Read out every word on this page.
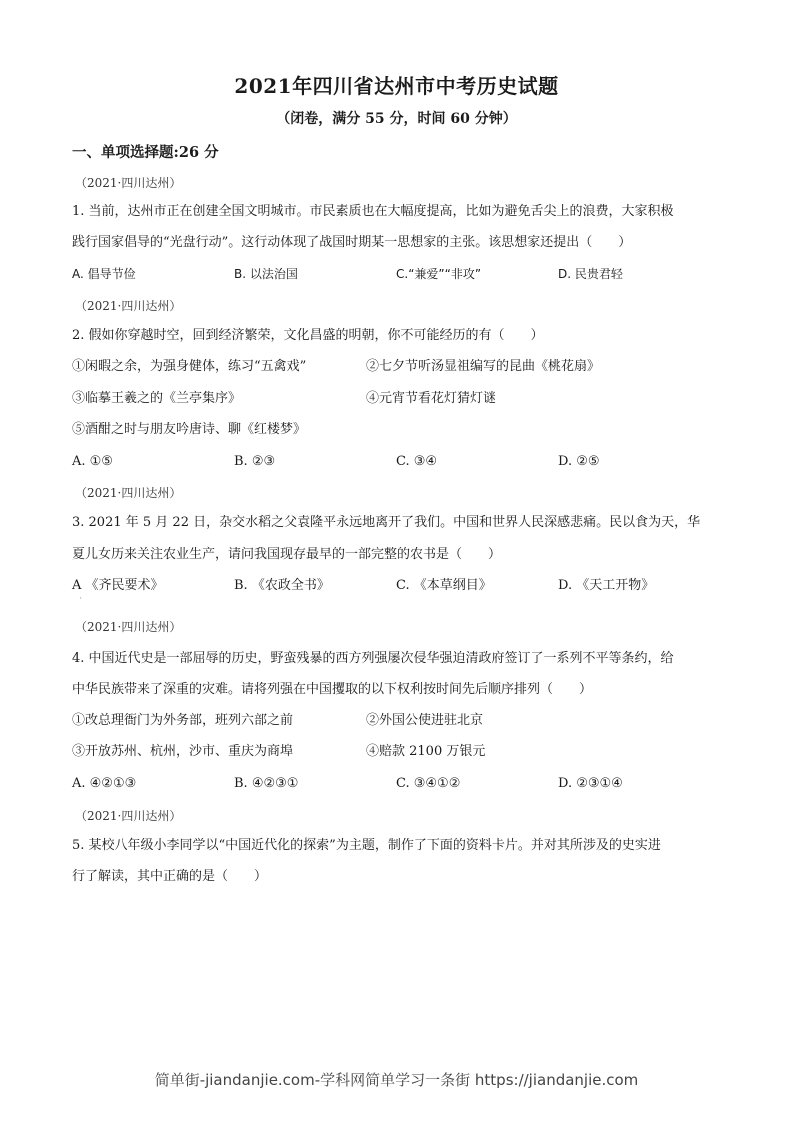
2021年四川省达州市中考历史试题
（闭卷，满分 55 分，时间 60 分钟）
一、单项选择题:26 分
（2021·四川达州）
1. 当前，达州市正在创建全国文明城市。市民素质也在大幅度提高，比如为避免舌尖上的浪费，大家积极
践行国家倡导的“光盘行动”。这行动体现了战国时期某一思想家的主张。该思想家还提出（　　）
A. 倡导节俭	B. 以法治国	C.“兼爱”“非攻”	D. 民贵君轻
（2021·四川达州）
2. 假如你穿越时空，回到经济繁荣，文化昌盛的明朝，你不可能经历的有（　　）
①闲暇之余，为强身健体，练习“五禽戏”	②七夕节听汤显祖编写的昆曲《桃花扇》
③临摹王羲之的《兰亭集序》	④元宵节看花灯猜灯谜
⑤酒酣之时与朋友吟唐诗、聊《红楼梦》
A. ①⑤	B. ②③	C. ③④	D. ②⑤
（2021·四川达州）
3. 2021 年 5 月 22 日，杂交水稻之父袁隆平永远地离开了我们。中国和世界人民深感悲痛。民以食为天，华
夏儿女历来关注农业生产，请问我国现存最早的一部完整的农书是（　　）
A 《齐民要术》	B. 《农政全书》	C. 《本草纲目》	D. 《天工开物》
'
（2021·四川达州）
4. 中国近代史是一部屈辱的历史，野蛮残暴的西方列强屡次侵华强迫清政府签订了一系列不平等条约，给
中华民族带来了深重的灾难。请将列强在中国攫取的以下权利按时间先后顺序排列（　　）
①改总理衙门为外务部，班列六部之前	②外国公使进驻北京
③开放苏州、杭州，沙市、重庆为商埠	④赔款 2100 万银元
A. ④②①③	B. ④②③①	C. ③④①②	D. ②③①④
（2021·四川达州）
5. 某校八年级小李同学以“中国近代化的探索”为主题，制作了下面的资料卡片。并对其所涉及的史实进
行了解读，其中正确的是（　　）
简单街-jiandanjie.com-学科网简单学习一条街 https://jiandanjie.com
